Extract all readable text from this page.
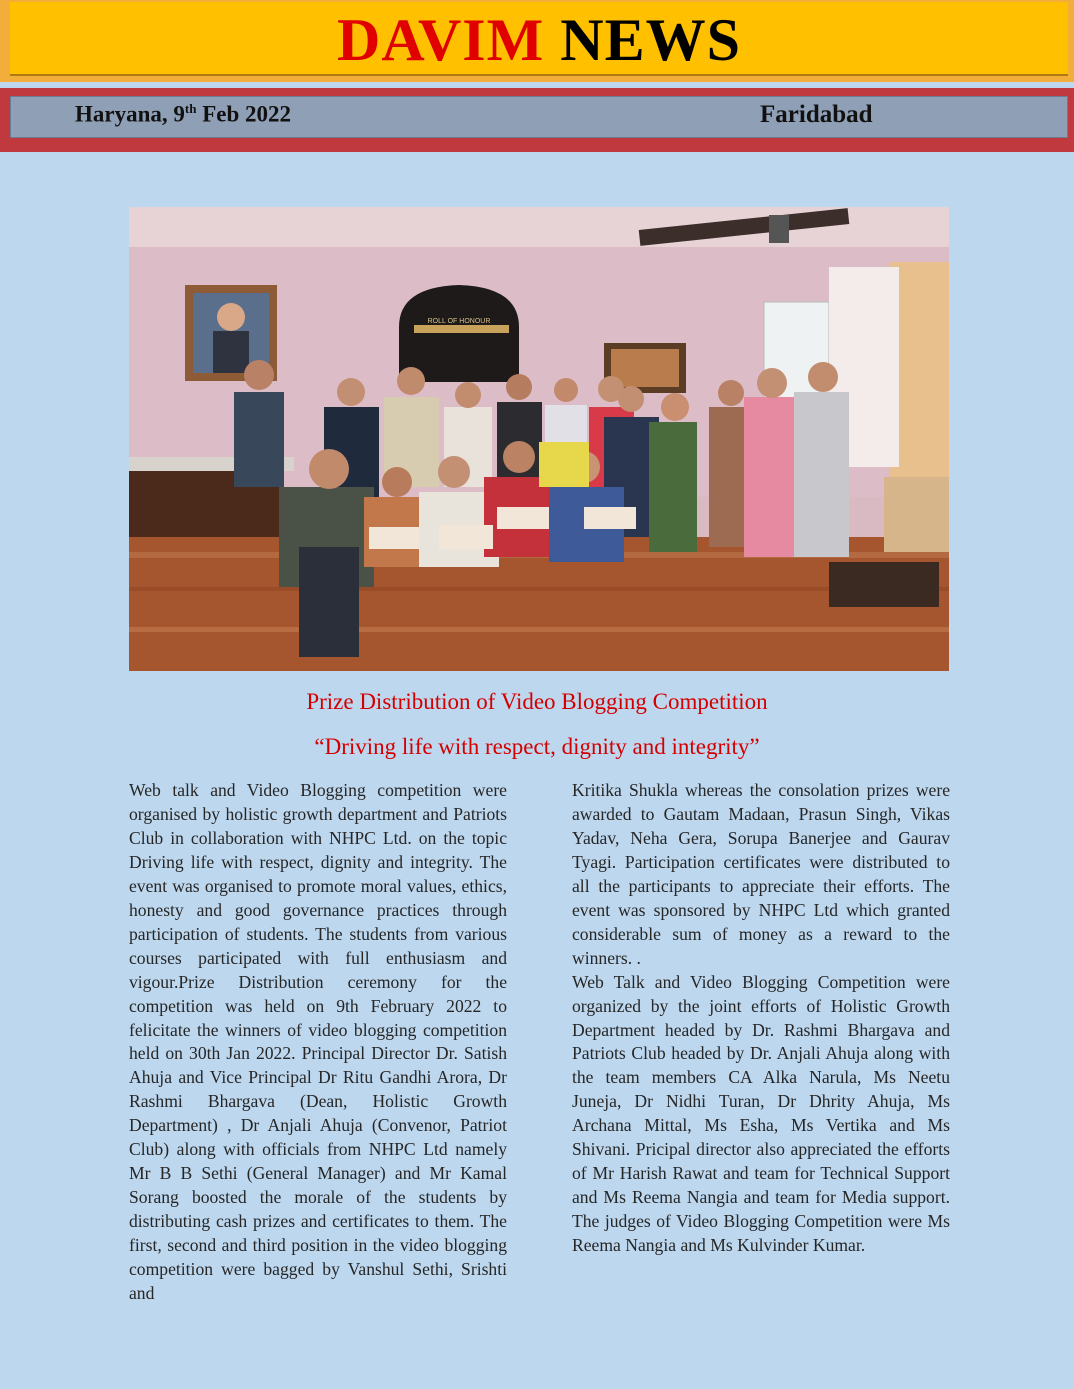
DAVIM NEWS
Haryana, 9th Feb 2022	Faridabad
ROLL OF HONOUR
Prize Distribution of Video Blogging Competition
“Driving life with respect, dignity and integrity”

Web talk and Video Blogging competition were organised by holistic growth department and Patriots Club in collaboration with NHPC Ltd. on the topic Driving life with respect, dignity and integrity. The event was organised to promote moral values, ethics, honesty and good governance practices through participation of students. The students from various courses participated with full enthusiasm and vigour.Prize Distribution ceremony for the competition was held on 9th February 2022 to felicitate the winners of video blogging competition held on 30th Jan 2022. Principal Director Dr. Satish Ahuja and Vice Principal Dr Ritu Gandhi Arora, Dr Rashmi Bhargava (Dean, Holistic Growth Department) , Dr Anjali Ahuja (Convenor, Patriot Club) along with officials from NHPC Ltd namely Mr B B Sethi (General Manager) and Mr Kamal Sorang boosted the morale of the students by distributing cash prizes and certificates to them. The first, second and third position in the video blogging competition were bagged by Vanshul Sethi, Srishti and

Kritika Shukla whereas the consolation prizes were awarded to Gautam Madaan, Prasun Singh, Vikas Yadav, Neha Gera, Sorupa Banerjee and Gaurav Tyagi. Participation certificates were distributed to all the participants to appreciate their efforts. The event was sponsored by NHPC Ltd which granted considerable sum of money as a reward to the winners. .

Web Talk and Video Blogging Competition were organized by the joint efforts of Holistic Growth Department headed by Dr. Rashmi Bhargava and Patriots Club headed by Dr. Anjali Ahuja along with the team members CA Alka Narula, Ms Neetu Juneja, Dr Nidhi Turan, Dr Dhrity Ahuja, Ms Archana Mittal, Ms Esha, Ms Vertika and Ms Shivani. Pricipal director also appreciated the efforts of Mr Harish Rawat and team for Technical Support and Ms Reema Nangia and team for Media support. The judges of Video Blogging Competition were Ms Reema Nangia and Ms Kulvinder Kumar.
